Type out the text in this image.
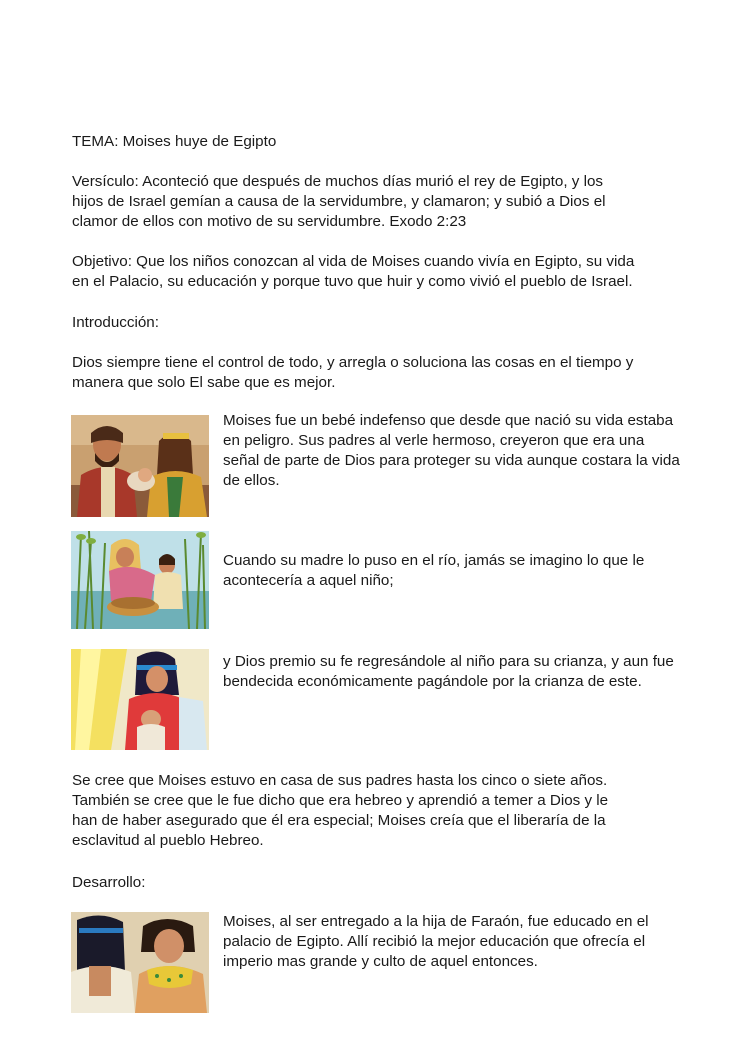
TEMA: Moises huye de Egipto

Versículo: Aconteció que después de muchos días murió el rey de Egipto, y los
hijos de Israel gemían a causa de la servidumbre, y clamaron; y subió a Dios el
clamor de ellos con motivo de su servidumbre. Exodo 2:23

Objetivo: Que los niños conozcan al vida de Moises cuando vivía en Egipto, su vida
en el Palacio, su educación y porque tuvo que huir y como vivió el pueblo de Israel.

Introducción:

Dios siempre tiene el control de todo, y arregla o soluciona las cosas en el tiempo y
manera que solo El sabe que es mejor.

Moises fue un bebé indefenso que desde que nació su vida estaba en peligro. Sus padres al verle hermoso, creyeron que era una señal de parte de Dios para proteger su vida aunque costara la vida de ellos.

Cuando su madre lo puso en el río, jamás se imagino lo que le acontecería a aquel niño;

y Dios premio su fe regresándole al niño para su crianza, y aun fue bendecida económicamente pagándole por la crianza de este.

Se cree que Moises estuvo en casa de sus padres hasta los cinco o siete años.
También se cree que le fue dicho que era hebreo y aprendió a temer a Dios y le
han de haber asegurado que él era especial; Moises creía que el liberaría de la
esclavitud al pueblo Hebreo.

Desarrollo:

Moises, al ser entregado a la hija de Faraón, fue educado en el palacio de Egipto. Allí recibió la mejor educación que ofrecía el imperio mas grande y culto de aquel entonces.
